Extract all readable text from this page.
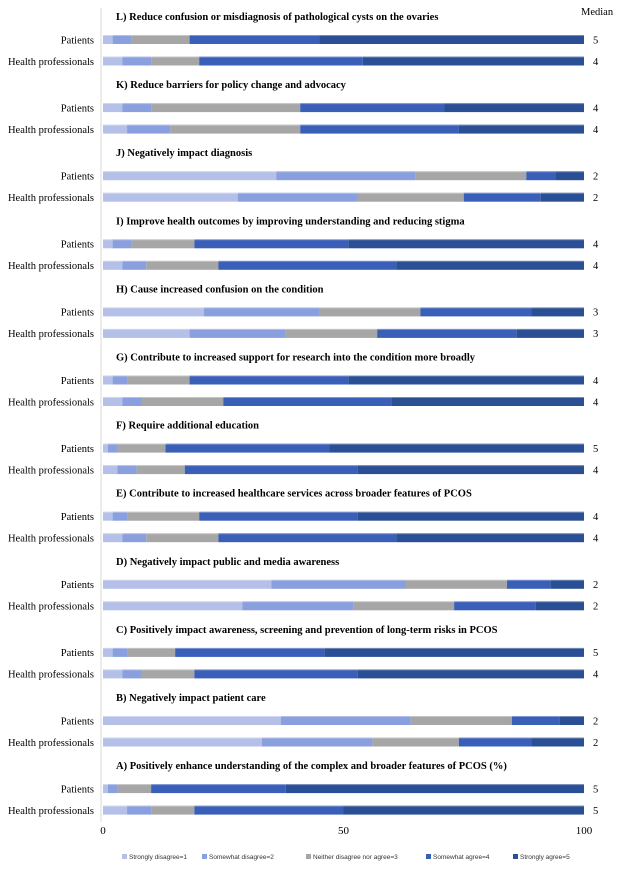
Median
L) Reduce confusion or misdiagnosis of pathological cysts on the ovaries
Patients	5
Health professionals	4
K) Reduce barriers for policy change and advocacy
Patients	4
Health professionals	4
J) Negatively impact diagnosis
Patients	2
Health professionals	2
I) Improve health outcomes by improving understanding and reducing stigma
Patients	4
Health professionals	4
H) Cause increased confusion on the condition
Patients	3
Health professionals	3
G) Contribute to increased support for research into the condition more broadly
Patients	4
Health professionals	4
F) Require additional education
Patients	5
Health professionals	4
E) Contribute to increased healthcare services across broader features of PCOS
Patients	4
Health professionals	4
D) Negatively impact public and media awareness
Patients	2
Health professionals	2
C) Positively impact awareness, screening and prevention of long-term risks in PCOS
Patients	5
Health professionals	4
B) Negatively impact patient care
Patients	2
Health professionals	2
A) Positively enhance understanding of the complex and broader features of PCOS (%)
Patients	5
Health professionals	5
0	50	100
Strongly disagree=1	Somewhat disagree=2	Neither disagree nor agree=3	Somewhat agree=4	Strongly agree=5
